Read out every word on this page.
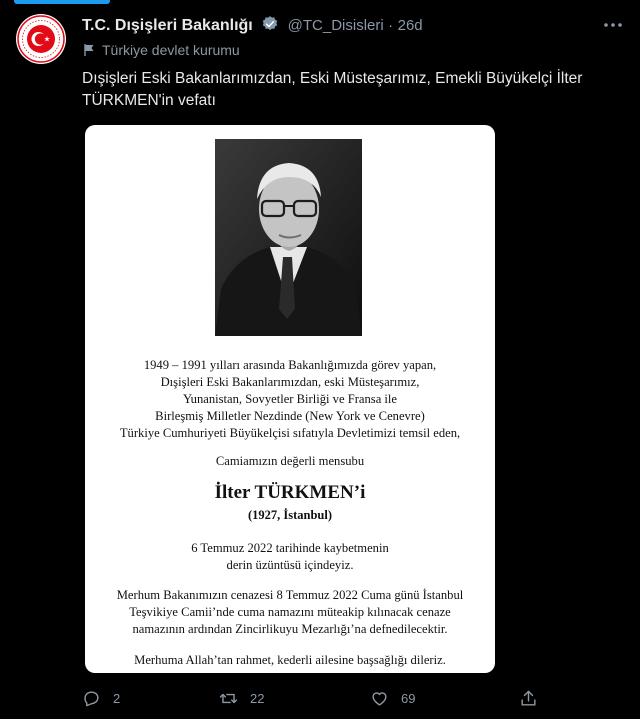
T.C. Dışişleri Bakanlığı @TC_Disisleri · 26d
Türkiye devlet kurumu
Dışişleri Eski Bakanlarımızdan, Eski Müsteşarımız, Emekli Büyükelçi İlter
TÜRKMEN'in vefatı

1949 – 1991 yılları arasında Bakanlığımızda görev yapan,

Dışişleri Eski Bakanlarımızdan, eski Müsteşarımız,

Yunanistan, Sovyetler Birliği ve Fransa ile

Birleşmiş Milletler Nezdinde (New York ve Cenevre)

Türkiye Cumhuriyeti Büyükelçisi sıfatıyla Devletimizi temsil eden,

Camiamızın değerli mensubu

İlter TÜRKMEN’i
(1927, İstanbul)

6 Temmuz 2022 tarihinde kaybetmenin

derin üzüntüsü içindeyiz.

Merhum Bakanımızın cenazesi 8 Temmuz 2022 Cuma günü İstanbul

Teşvikiye Camii’nde cuma namazını müteakip kılınacak cenaze

namazının ardından Zincirlikuyu Mezarlığı’na defnedilecektir.

Merhuma Allah’tan rahmet, kederli ailesine başsağlığı dileriz.

2	22	69
